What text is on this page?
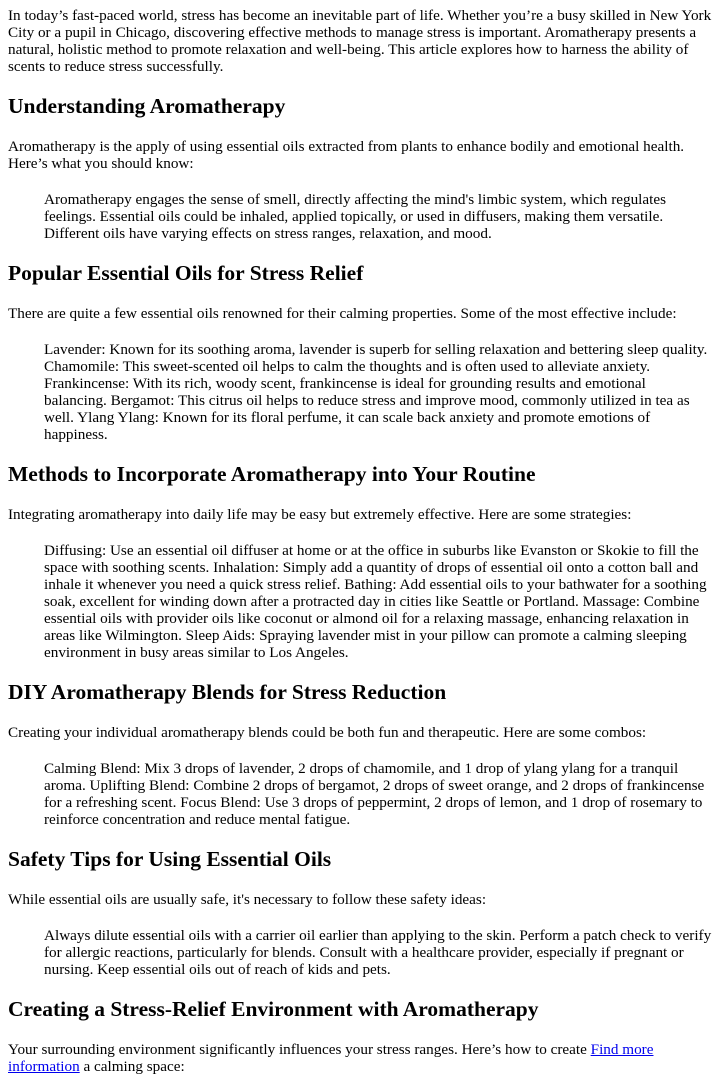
In today’s fast-paced world, stress has become an inevitable part of life. Whether you’re a busy skilled in New York City or a pupil in Chicago, discovering effective methods to manage stress is important. Aromatherapy presents a natural, holistic method to promote relaxation and well-being. This article explores how to harness the ability of scents to reduce stress successfully.

Understanding Aromatherapy

Aromatherapy is the apply of using essential oils extracted from plants to enhance bodily and emotional health. Here’s what you should know:

Aromatherapy engages the sense of smell, directly affecting the mind's limbic system, which regulates feelings. Essential oils could be inhaled, applied topically, or used in diffusers, making them versatile. Different oils have varying effects on stress ranges, relaxation, and mood.
Popular Essential Oils for Stress Relief

There are quite a few essential oils renowned for their calming properties. Some of the most effective include:

Lavender: Known for its soothing aroma, lavender is superb for selling relaxation and bettering sleep quality. Chamomile: This sweet-scented oil helps to calm the thoughts and is often used to alleviate anxiety. Frankincense: With its rich, woody scent, frankincense is ideal for grounding results and emotional balancing. Bergamot: This citrus oil helps to reduce stress and improve mood, commonly utilized in tea as well. Ylang Ylang: Known for its floral perfume, it can scale back anxiety and promote emotions of happiness.
Methods to Incorporate Aromatherapy into Your Routine

Integrating aromatherapy into daily life may be easy but extremely effective. Here are some strategies:

Diffusing: Use an essential oil diffuser at home or at the office in suburbs like Evanston or Skokie to fill the space with soothing scents. Inhalation: Simply add a quantity of drops of essential oil onto a cotton ball and inhale it whenever you need a quick stress relief. Bathing: Add essential oils to your bathwater for a soothing soak, excellent for winding down after a protracted day in cities like Seattle or Portland. Massage: Combine essential oils with provider oils like coconut or almond oil for a relaxing massage, enhancing relaxation in areas like Wilmington. Sleep Aids: Spraying lavender mist in your pillow can promote a calming sleeping environment in busy areas similar to Los Angeles.
DIY Aromatherapy Blends for Stress Reduction

Creating your individual aromatherapy blends could be both fun and therapeutic. Here are some combos:

Calming Blend: Mix 3 drops of lavender, 2 drops of chamomile, and 1 drop of ylang ylang for a tranquil aroma. Uplifting Blend: Combine 2 drops of bergamot, 2 drops of sweet orange, and 2 drops of frankincense for a refreshing scent. Focus Blend: Use 3 drops of peppermint, 2 drops of lemon, and 1 drop of rosemary to reinforce concentration and reduce mental fatigue.
Safety Tips for Using Essential Oils

While essential oils are usually safe, it's necessary to follow these safety ideas:

Always dilute essential oils with a carrier oil earlier than applying to the skin. Perform a patch check to verify for allergic reactions, particularly for blends. Consult with a healthcare provider, especially if pregnant or nursing. Keep essential oils out of reach of kids and pets.
Creating a Stress-Relief Environment with Aromatherapy

Your surrounding environment significantly influences your stress ranges. Here’s how to create Find more information a calming space:
